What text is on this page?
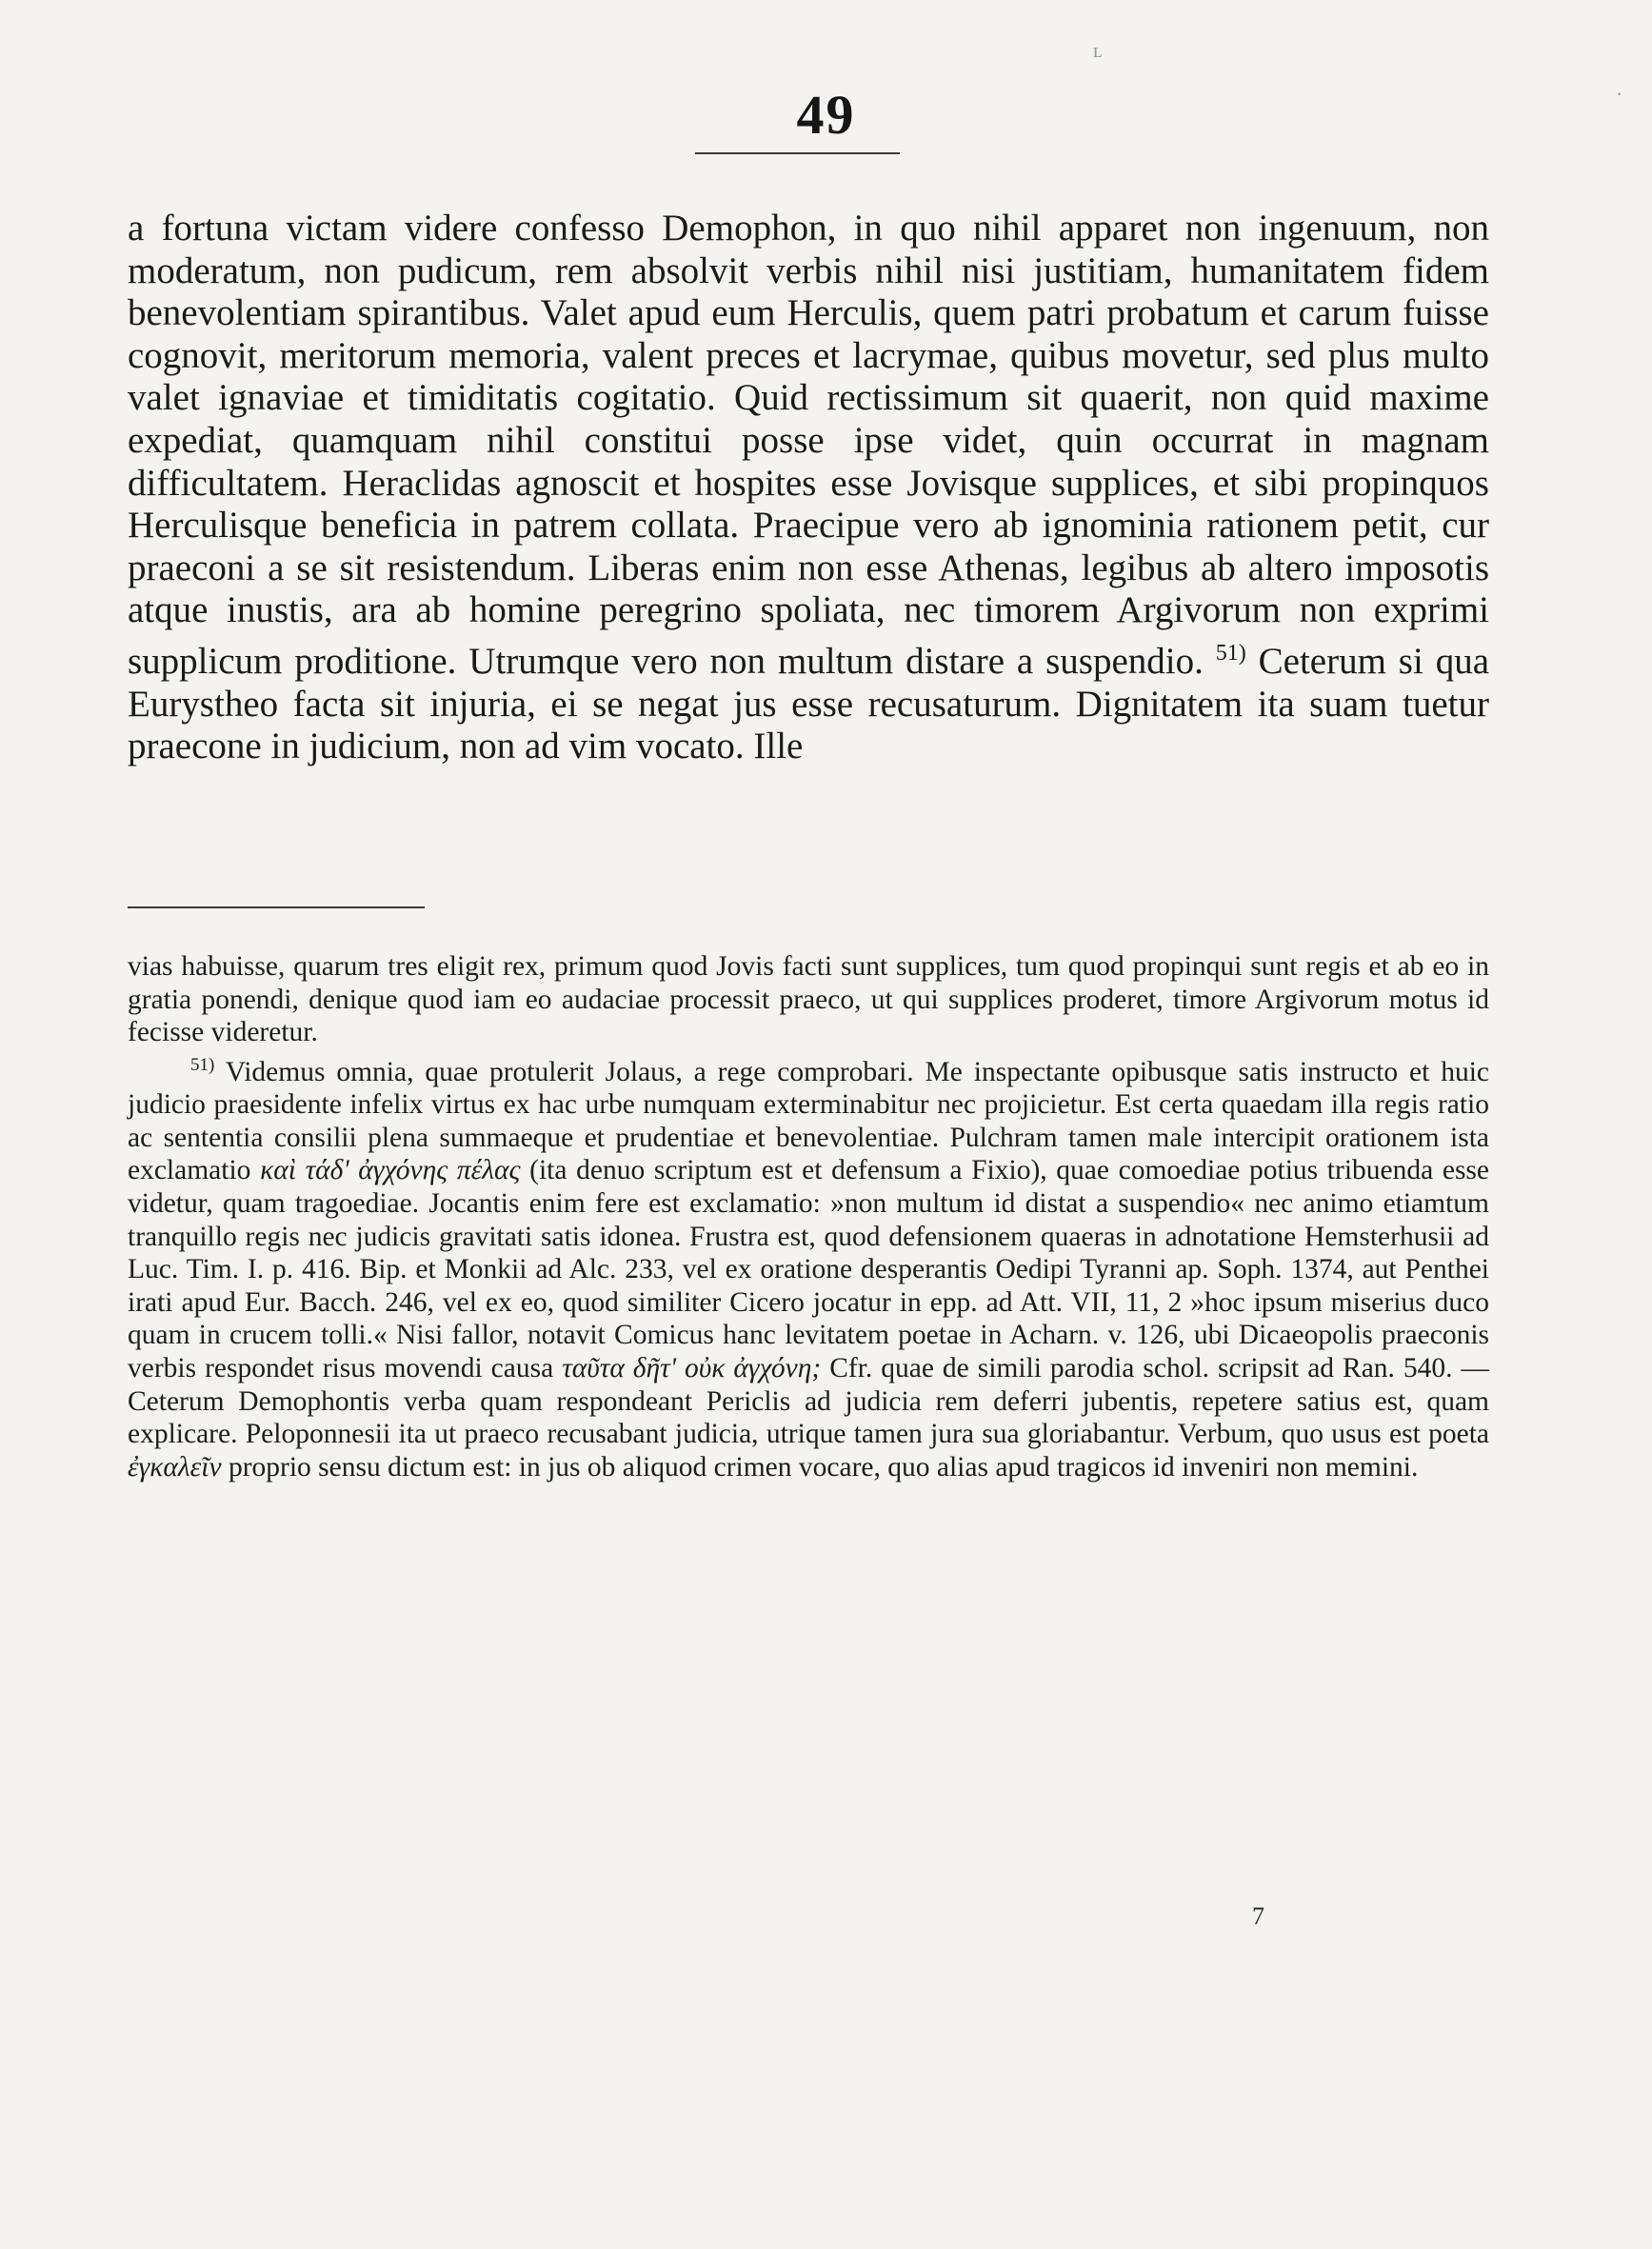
49

a fortuna victam videre confesso Demophon, in quo nihil apparet non ingenuum, non moderatum, non pudicum, rem absolvit verbis nihil nisi justitiam, humanitatem fidem benevolentiam spirantibus. Valet apud eum Herculis, quem patri probatum et carum fuisse cognovit, meritorum memoria, valent preces et lacrymae, quibus movetur, sed plus multo valet ignaviae et timiditatis cogitatio. Quid rectissimum sit quaerit, non quid maxime expediat, quamquam nihil constitui posse ipse videt, quin occurrat in magnam difficultatem. Heraclidas agnoscit et hospites esse Jovisque supplices, et sibi propinquos Herculisque beneficia in patrem collata. Praecipue vero ab ignominia rationem petit, cur praeconi a se sit resistendum. Liberas enim non esse Athenas, legibus ab altero imposotis atque inustis, ara ab homine peregrino spoliata, nec timorem Argivorum non exprimi supplicum proditione. Utrumque vero non multum distare a suspendio. $^{51)}$ Ceterum si qua Eurystheo facta sit injuria, ei se negat jus esse recusaturum. Dignitatem ita suam tuetur praecone in judicium, non ad vim vocato. Ille

vias habuisse, quarum tres eligit rex, primum quod Jovis facti sunt supplices, tum quod propinqui sunt regis et ab eo in gratia ponendi, denique quod iam eo audaciae processit praeco, ut qui supplices proderet, timore Argivorum motus id fecisse videretur.

$^{51)}$ Videmus omnia, quae protulerit Jolaus, a rege comprobari. Me inspectante opibusque satis instructo et huic judicio praesidente infelix virtus ex hac urbe numquam exterminabitur nec projicietur. Est certa quaedam illa regis ratio ac sententia consilii plena summaeque et prudentiae et benevolentiae. Pulchram tamen male intercipit orationem ista exclamatio καὶ τάδ' ἀγχόνης πέλας (ita denuo scriptum est et defensum a Fixio), quae comoediae potius tribuenda esse videtur, quam tragoediae. Jocantis enim fere est exclamatio: »non multum id distat a suspendio« nec animo etiamtum tranquillo regis nec judicis gravitati satis idonea. Frustra est, quod defensionem quaeras in adnotatione Hemsterhusii ad Luc. Tim. I. p. 416. Bip. et Monkii ad Alc. 233, vel ex oratione desperantis Oedipi Tyranni ap. Soph. 1374, aut Penthei irati apud Eur. Bacch. 246, vel ex eo, quod similiter Cicero jocatur in epp. ad Att. VII, 11, 2 »hoc ipsum miserius duco quam in crucem tolli.« Nisi fallor, notavit Comicus hanc levitatem poetae in Acharn. v. 126, ubi Dicaeopolis praeconis verbis respondet risus movendi causa ταῦτα δῆτ' οὐκ ἀγχόνη; Cfr. quae de simili parodia schol. scripsit ad Ran. 540. — Ceterum Demophontis verba quam respondeant Periclis ad judicia rem deferri jubentis, repetere satius est, quam explicare. Peloponnesii ita ut praeco recusabant judicia, utrique tamen jura sua gloriabantur. Verbum, quo usus est poeta ἐγκαλεῖν proprio sensu dictum est: in jus ob aliquod crimen vocare, quo alias apud tragicos id inveniri non memini.

7
ʟ
·
